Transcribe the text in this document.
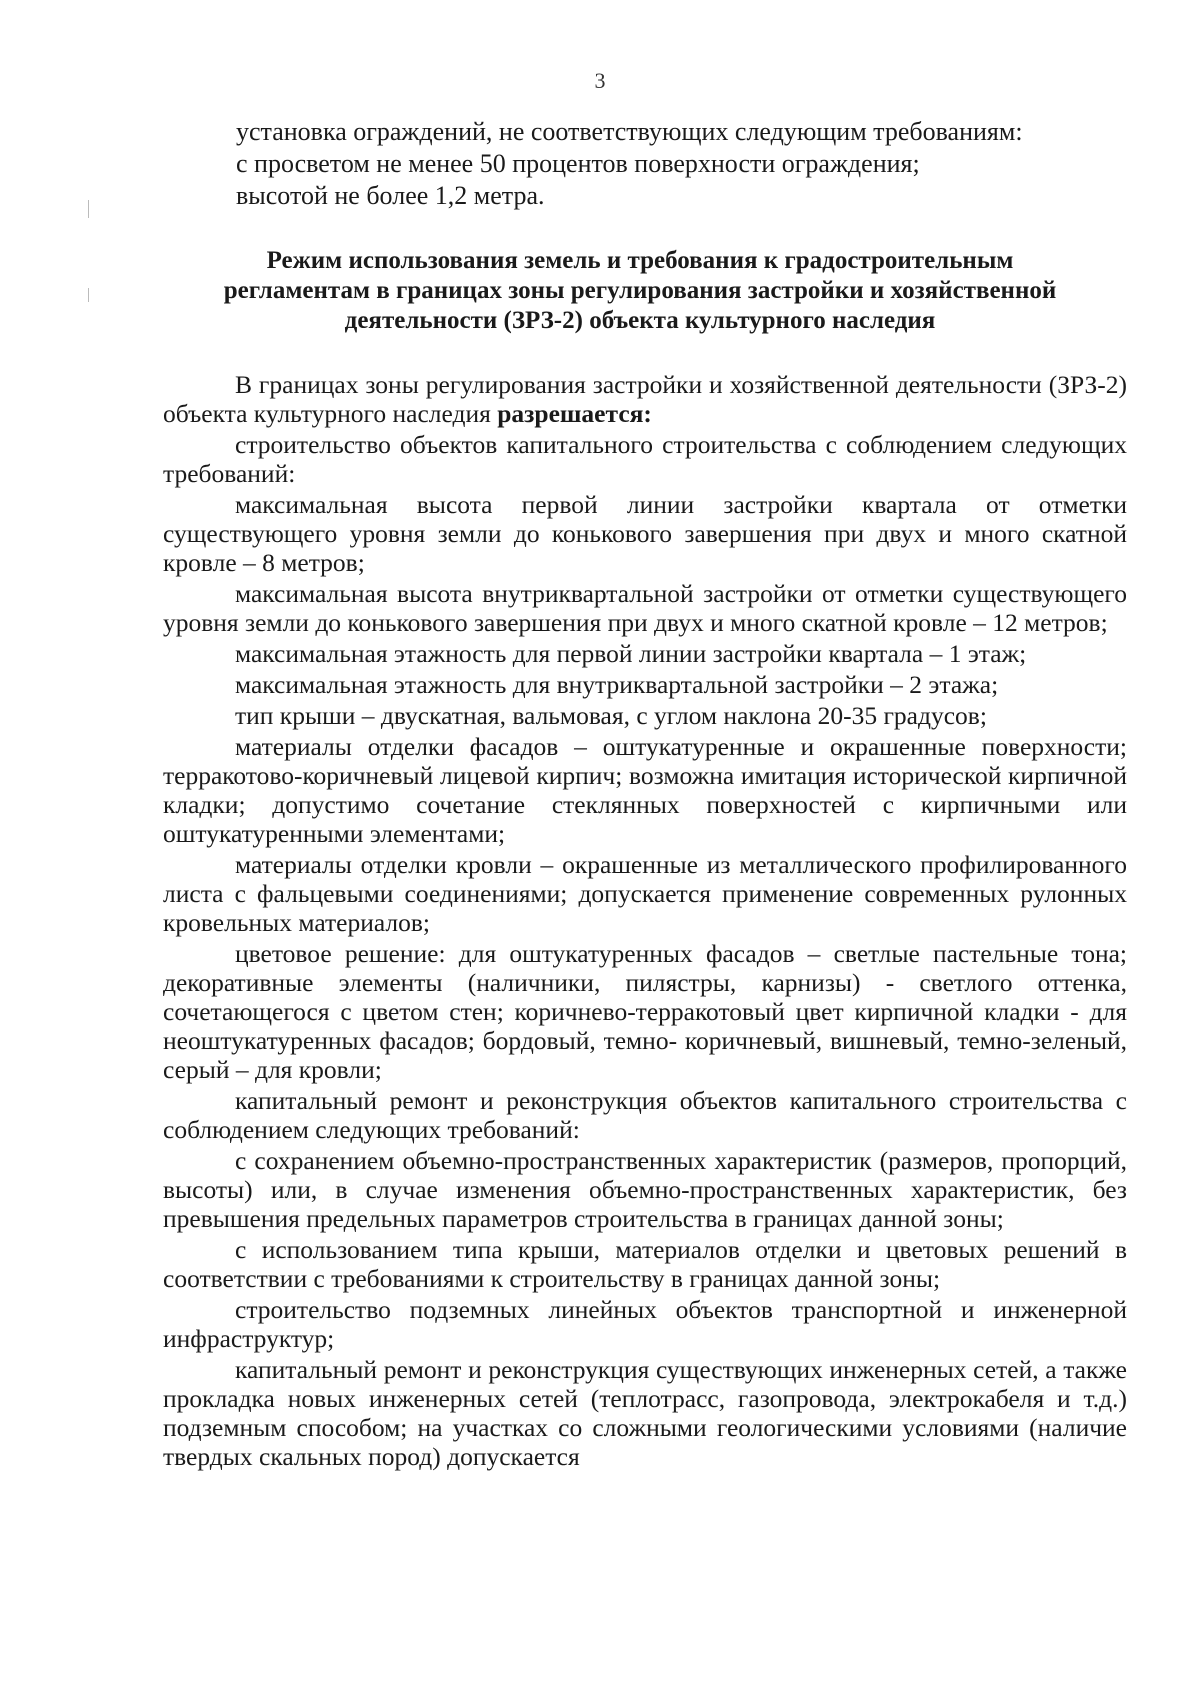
3
установка ограждений, не соответствующих следующим требованиям:
с просветом не менее 50 процентов поверхности ограждения;
высотой не более 1,2 метра.
Режим использования земель и требования к градостроительным
регламентам в границах зоны регулирования застройки и хозяйственной
деятельности (ЗРЗ-2) объекта культурного наследия

В границах зоны регулирования застройки и хозяйственной деятельности (ЗРЗ-2) объекта культурного наследия разрешается:

строительство объектов капитального строительства с соблюдением следующих требований:

максимальная высота первой линии застройки квартала от отметки существующего уровня земли до конькового завершения при двух и много скатной кровле – 8 метров;

максимальная высота внутриквартальной застройки от отметки существующего уровня земли до конькового завершения при двух и много скатной кровле – 12 метров;

максимальная этажность для первой линии застройки квартала – 1 этаж;

максимальная этажность для внутриквартальной застройки – 2 этажа;

тип крыши – двускатная, вальмовая, с углом наклона 20-35 градусов;

материалы отделки фасадов – оштукатуренные и окрашенные поверхности; терракотово-коричневый лицевой кирпич; возможна имитация исторической кирпичной кладки; допустимо сочетание стеклянных поверхностей с кирпичными или оштукатуренными элементами;

материалы отделки кровли – окрашенные из металлического профилированного листа с фальцевыми соединениями; допускается применение современных рулонных кровельных материалов;

цветовое решение: для оштукатуренных фасадов – светлые пастельные тона; декоративные элементы (наличники, пилястры, карнизы) - светлого оттенка, сочетающегося с цветом стен; коричнево-терракотовый цвет кирпичной кладки - для неоштукатуренных фасадов; бордовый, темно- коричневый, вишневый, темно-зеленый, серый – для кровли;

капитальный ремонт и реконструкция объектов капитального строительства с соблюдением следующих требований:

с сохранением объемно-пространственных характеристик (размеров, пропорций, высоты) или, в случае изменения объемно-пространственных характеристик, без превышения предельных параметров строительства в границах данной зоны;

с использованием типа крыши, материалов отделки и цветовых решений в соответствии с требованиями к строительству в границах данной зоны;

строительство подземных линейных объектов транспортной и инженерной инфраструктур;

капитальный ремонт и реконструкция существующих инженерных сетей, а также прокладка новых инженерных сетей (теплотрасс, газопровода, электрокабеля и т.д.) подземным способом; на участках со сложными геологическими условиями (наличие твердых скальных пород) допускается
